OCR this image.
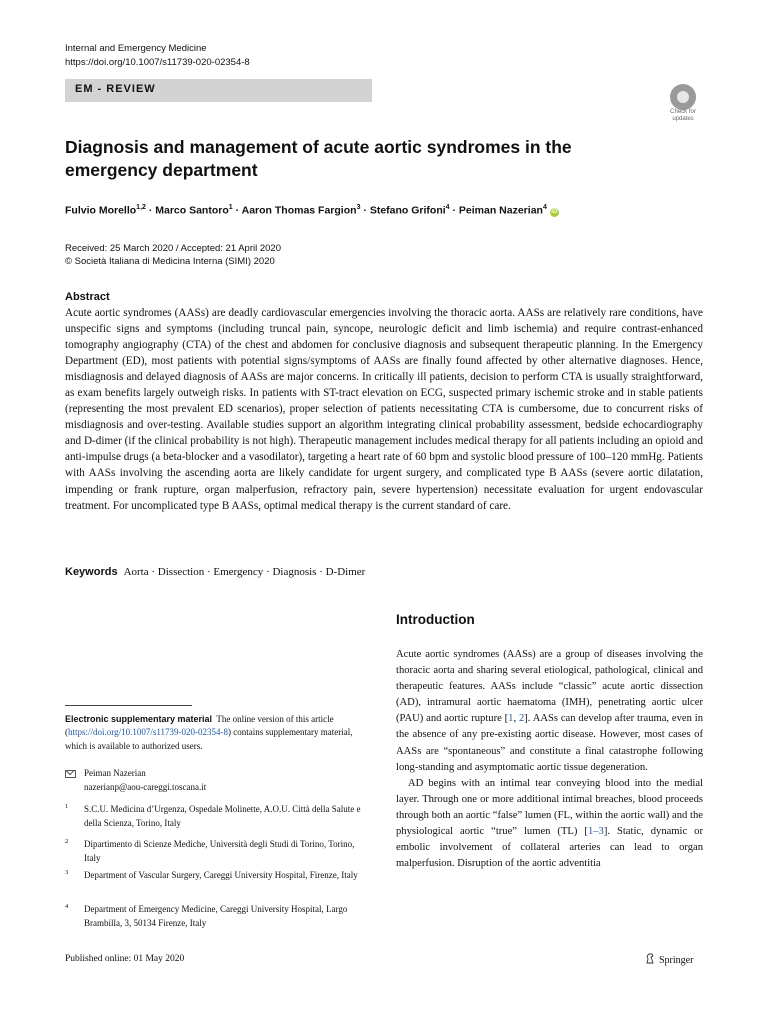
Internal and Emergency Medicine
https://doi.org/10.1007/s11739-020-02354-8
EM - REVIEW
Check for updates
Diagnosis and management of acute aortic syndromes in the emergency department
Fulvio Morello$^{1,2}$ · Marco Santoro$^1$ · Aaron Thomas Fargion$^3$ · Stefano Grifoni$^4$ · Peiman Nazerian$^4$ iD
Received: 25 March 2020 / Accepted: 21 April 2020
© Società Italiana di Medicina Interna (SIMI) 2020
Abstract
Acute aortic syndromes (AASs) are deadly cardiovascular emergencies involving the thoracic aorta. AASs are relatively rare conditions, have unspecific signs and symptoms (including truncal pain, syncope, neurologic deficit and limb ischemia) and require contrast-enhanced tomography angiography (CTA) of the chest and abdomen for conclusive diagnosis and subsequent therapeutic planning. In the Emergency Department (ED), most patients with potential signs/symptoms of AASs are finally found affected by other alternative diagnoses. Hence, misdiagnosis and delayed diagnosis of AASs are major concerns. In critically ill patients, decision to perform CTA is usually straightforward, as exam benefits largely outweigh risks. In patients with ST-tract elevation on ECG, suspected primary ischemic stroke and in stable patients (representing the most prevalent ED scenarios), proper selection of patients necessitating CTA is cumbersome, due to concurrent risks of misdiagnosis and over-testing. Available studies support an algorithm integrating clinical probability assessment, bedside echocardiography and D-dimer (if the clinical probability is not high). Therapeutic management includes medical therapy for all patients including an opioid and anti-impulse drugs (a beta-blocker and a vasodilator), targeting a heart rate of 60 bpm and systolic blood pressure of 100–120 mmHg. Patients with AASs involving the ascending aorta are likely candidate for urgent surgery, and complicated type B AASs (severe aortic dilatation, impending or frank rupture, organ malperfusion, refractory pain, severe hypertension) necessitate evaluation for urgent endovascular treatment. For uncomplicated type B AASs, optimal medical therapy is the current standard of care.
Keywords Aorta · Dissection · Emergency · Diagnosis · D-Dimer
Introduction

Acute aortic syndromes (AASs) are a group of diseases involving the thoracic aorta and sharing several etiological, pathological, clinical and therapeutic features. AASs include “classic” acute aortic dissection (AD), intramural aortic haematoma (IMH), penetrating aortic ulcer (PAU) and aortic rupture [1, 2]. AASs can develop after trauma, even in the absence of any pre-existing aortic disease. However, most cases of AASs are “spontaneous” and constitute a final catastrophe following long-standing and asymptomatic aortic tissue degeneration.

AD begins with an intimal tear conveying blood into the medial layer. Through one or more additional intimal breaches, blood proceeds through both an aortic “false” lumen (FL, within the aortic wall) and the physiological aortic “true” lumen (TL) [1–3]. Static, dynamic or embolic involvement of collateral arteries can lead to organ malperfusion. Disruption of the aortic adventitia

Electronic supplementary material The online version of this article (https://doi.org/10.1007/s11739-020-02354-8) contains supplementary material, which is available to authorized users.
Peiman Nazerian
nazerianp@aou-careggi.toscana.it
1 S.C.U. Medicina d’Urgenza, Ospedale Molinette, A.O.U. Città della Salute e della Scienza, Torino, Italy
2 Dipartimento di Scienze Mediche, Università degli Studi di Torino, Torino, Italy
3 Department of Vascular Surgery, Careggi University Hospital, Firenze, Italy
4 Department of Emergency Medicine, Careggi University Hospital, Largo Brambilla, 3, 50134 Firenze, Italy
Published online: 01 May 2020	Springer
